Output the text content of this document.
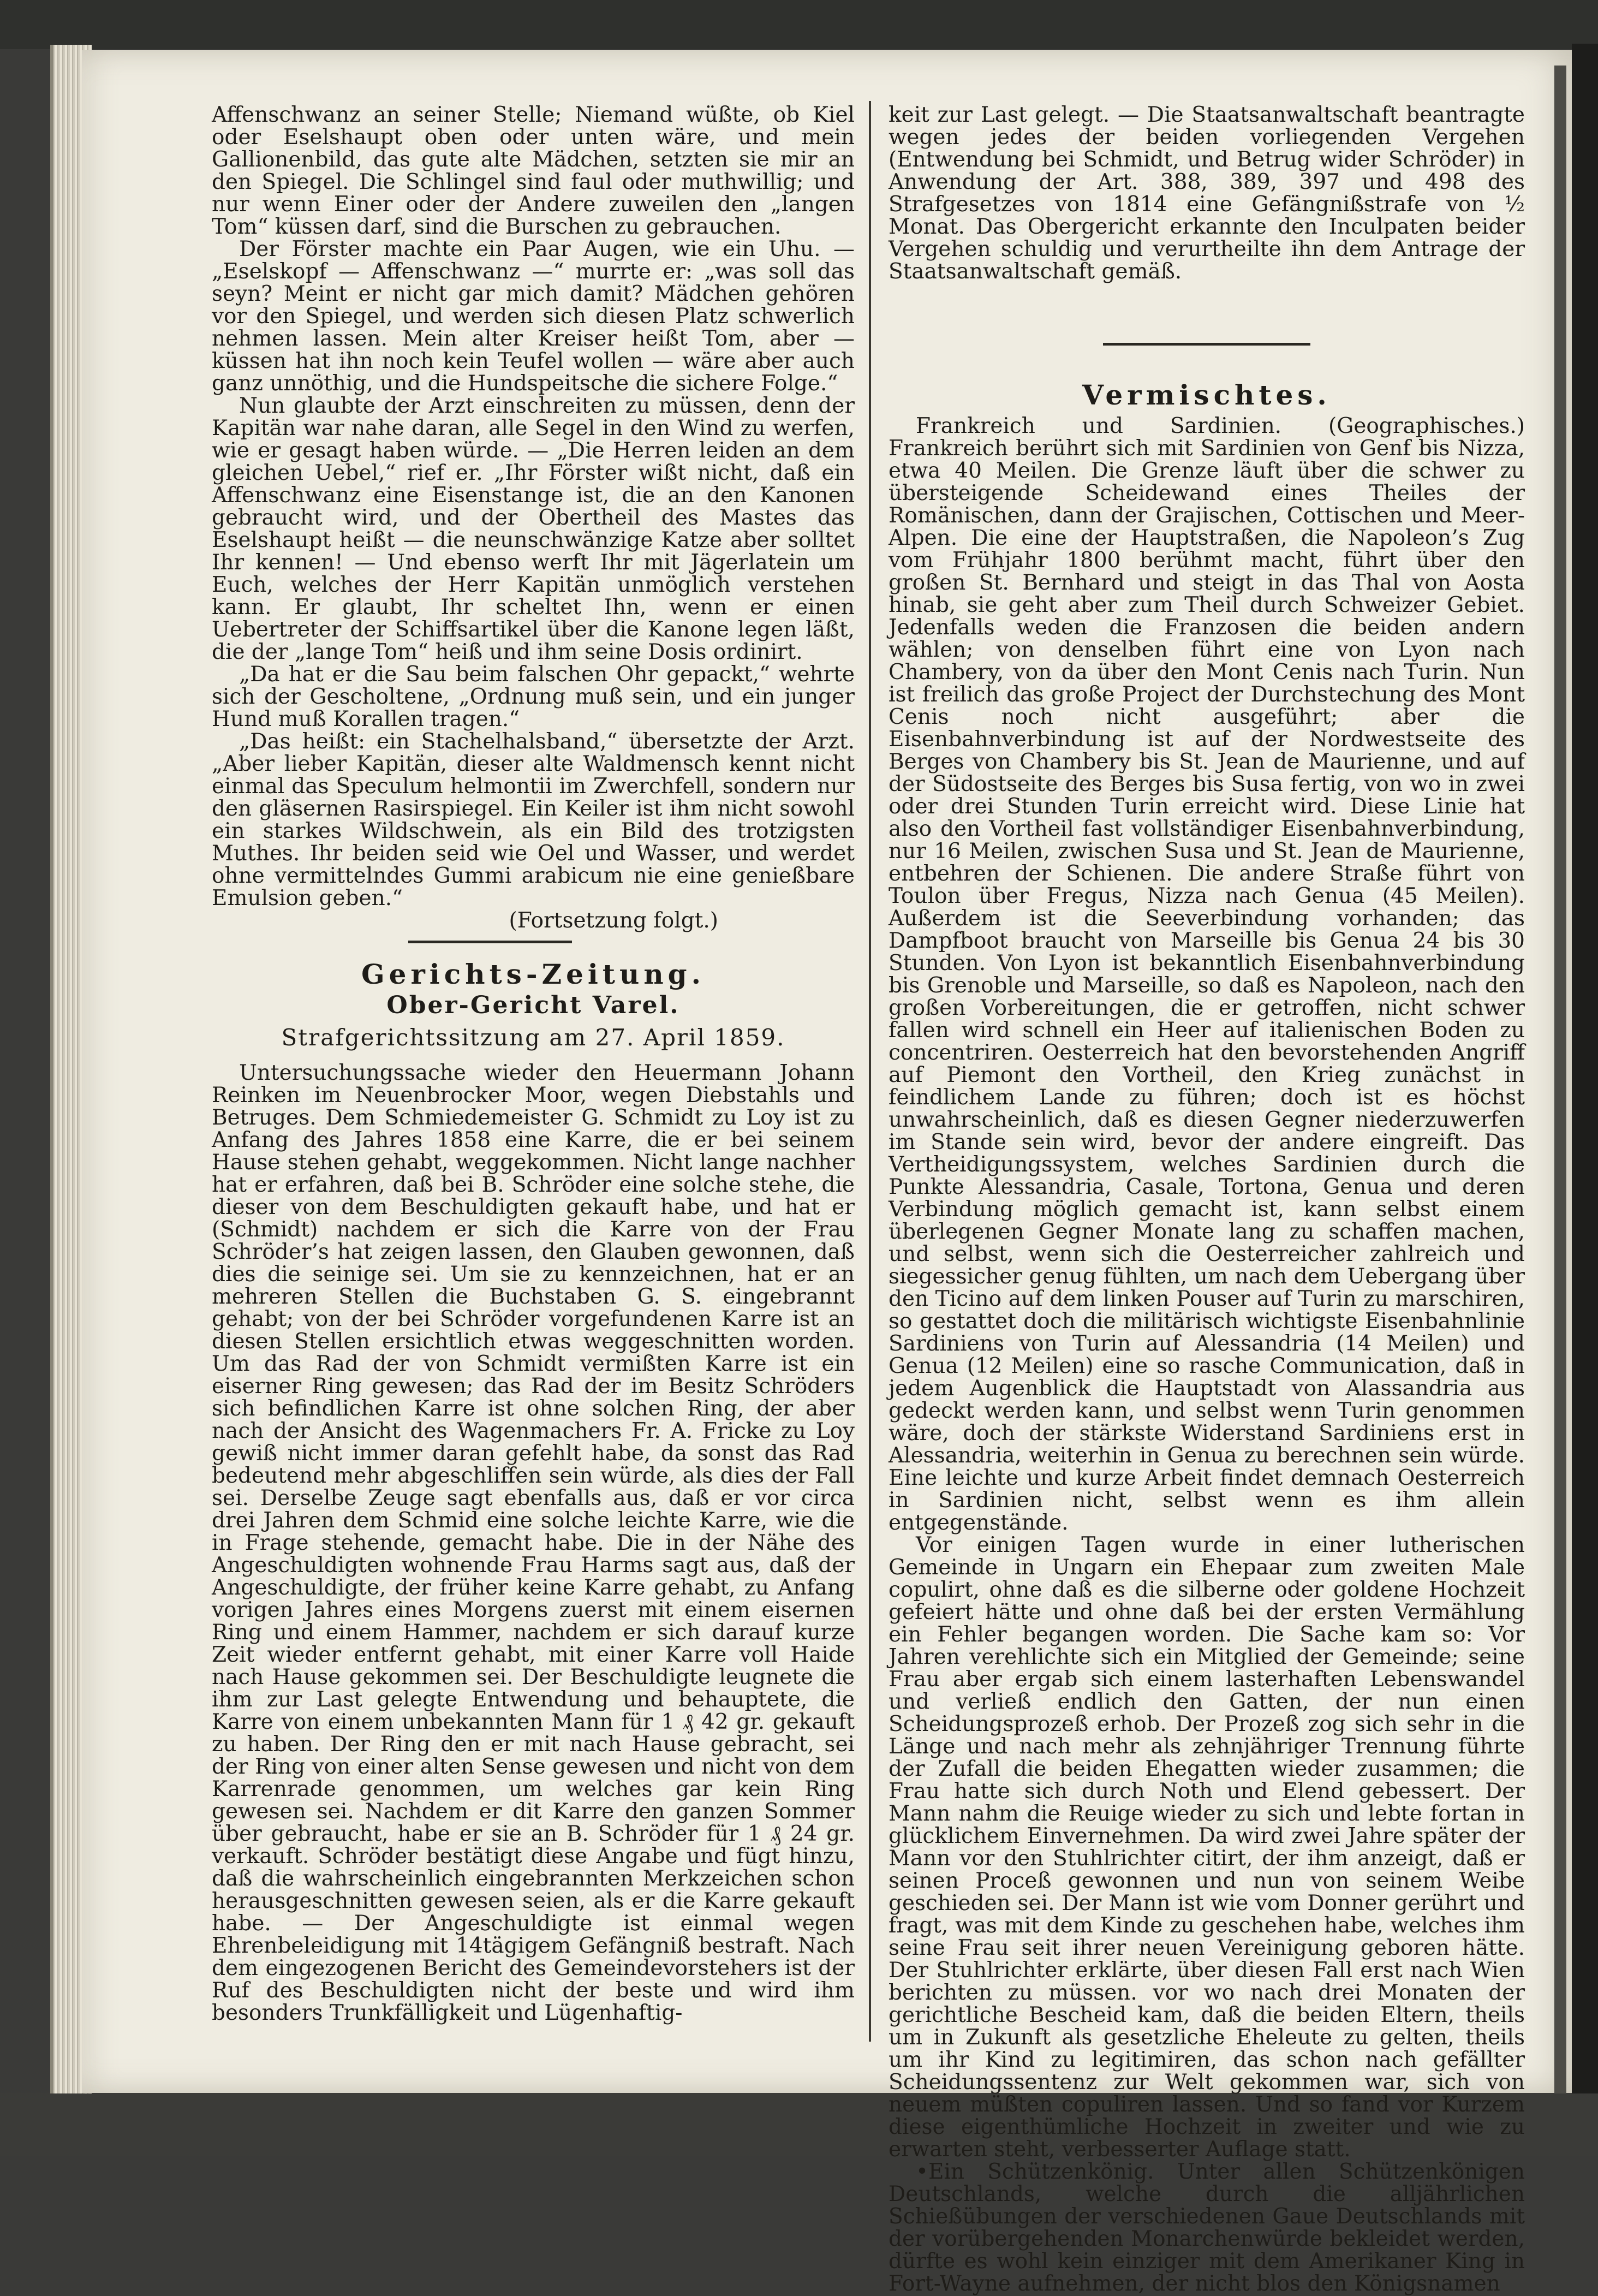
Affenschwanz an seiner Stelle; Niemand wüßte, ob Kiel oder Eselshaupt oben oder unten wäre, und mein Gallionenbild, das gute alte Mädchen, setzten sie mir an den Spiegel. Die Schlingel sind faul oder muthwillig; und nur wenn Einer oder der Andere zuweilen den „langen Tom“ küssen darf, sind die Burschen zu gebrauchen.

Der Förster machte ein Paar Augen, wie ein Uhu. — „Eselskopf — Affenschwanz —“ murrte er: „was soll das seyn? Meint er nicht gar mich damit? Mädchen gehören vor den Spiegel, und werden sich diesen Platz schwerlich nehmen lassen. Mein alter Kreiser heißt Tom, aber — küssen hat ihn noch kein Teufel wollen — wäre aber auch ganz unnöthig, und die Hundspeitsche die sichere Folge.“

Nun glaubte der Arzt einschreiten zu müssen, denn der Kapitän war nahe daran, alle Segel in den Wind zu werfen, wie er gesagt haben würde. — „Die Herren leiden an dem gleichen Uebel,“ rief er. „Ihr Förster wißt nicht, daß ein Affenschwanz eine Eisenstange ist, die an den Kanonen gebraucht wird, und der Obertheil des Mastes das Eselshaupt heißt — die neunschwänzige Katze aber solltet Ihr kennen! — Und ebenso werft Ihr mit Jägerlatein um Euch, welches der Herr Kapitän unmöglich verstehen kann. Er glaubt, Ihr scheltet Ihn, wenn er einen Uebertreter der Schiffsartikel über die Kanone legen läßt, die der „lange Tom“ heiß und ihm seine Dosis ordinirt.

„Da hat er die Sau beim falschen Ohr gepackt,“ wehrte sich der Gescholtene, „Ordnung muß sein, und ein junger Hund muß Korallen tragen.“

„Das heißt: ein Stachelhalsband,“ übersetzte der Arzt. „Aber lieber Kapitän, dieser alte Waldmensch kennt nicht einmal das Speculum helmontii im Zwerchfell, sondern nur den gläsernen Rasirspiegel. Ein Keiler ist ihm nicht sowohl ein starkes Wildschwein, als ein Bild des trotzigsten Muthes. Ihr beiden seid wie Oel und Wasser, und werdet ohne vermittelndes Gummi arabicum nie eine genießbare Emulsion geben.“

(Fortsetzung folgt.)

Gerichts-Zeitung.
Ober-Gericht Varel.
Strafgerichtssitzung am 27. April 1859.

Untersuchungssache wieder den Heuermann Johann Reinken im Neuenbrocker Moor, wegen Diebstahls und Betruges. Dem Schmiedemeister G. Schmidt zu Loy ist zu Anfang des Jahres 1858 eine Karre, die er bei seinem Hause stehen gehabt, weggekommen. Nicht lange nachher hat er erfahren, daß bei B. Schröder eine solche stehe, die dieser von dem Beschuldigten gekauft habe, und hat er (Schmidt) nachdem er sich die Karre von der Frau Schröder’s hat zeigen lassen, den Glauben gewonnen, daß dies die seinige sei. Um sie zu kennzeichnen, hat er an mehreren Stellen die Buchstaben G. S. eingebrannt gehabt; von der bei Schröder vorgefundenen Karre ist an diesen Stellen ersichtlich etwas weggeschnitten worden. Um das Rad der von Schmidt vermißten Karre ist ein eiserner Ring gewesen; das Rad der im Besitz Schröders sich befindlichen Karre ist ohne solchen Ring, der aber nach der Ansicht des Wagenmachers Fr. A. Fricke zu Loy gewiß nicht immer daran gefehlt habe, da sonst das Rad bedeutend mehr abgeschliffen sein würde, als dies der Fall sei. Derselbe Zeuge sagt ebenfalls aus, daß er vor circa drei Jahren dem Schmid eine solche leichte Karre, wie die in Frage stehende, gemacht habe. Die in der Nähe des Angeschuldigten wohnende Frau Harms sagt aus, daß der Angeschuldigte, der früher keine Karre gehabt, zu Anfang vorigen Jahres eines Morgens zuerst mit einem eisernen Ring und einem Hammer, nachdem er sich darauf kurze Zeit wieder entfernt gehabt, mit einer Karre voll Haide nach Hause gekommen sei. Der Beschuldigte leugnete die ihm zur Last gelegte Entwendung und behauptete, die Karre von einem unbekannten Mann für 1 ₰ 42 gr. gekauft zu haben. Der Ring den er mit nach Hause gebracht, sei der Ring von einer alten Sense gewesen und nicht von dem Karrenrade genommen, um welches gar kein Ring gewesen sei. Nachdem er dit Karre den ganzen Sommer über gebraucht, habe er sie an B. Schröder für 1 ₰ 24 gr. verkauft. Schröder bestätigt diese Angabe und fügt hinzu, daß die wahrscheinlich eingebrannten Merkzeichen schon herausgeschnitten gewesen seien, als er die Karre gekauft habe. — Der Angeschuldigte ist einmal wegen Ehrenbeleidigung mit 14tägigem Gefängniß bestraft. Nach dem eingezogenen Bericht des Gemeindevorstehers ist der Ruf des Beschuldigten nicht der beste und wird ihm besonders Trunkfälligkeit und Lügenhaftig-

keit zur Last gelegt. — Die Staatsanwaltschaft beantragte wegen jedes der beiden vorliegenden Vergehen (Entwendung bei Schmidt, und Betrug wider Schröder) in Anwendung der Art. 388, 389, 397 und 498 des Strafgesetzes von 1814 eine Gefängnißstrafe von ½ Monat. Das Obergericht erkannte den Inculpaten beider Vergehen schuldig und verurtheilte ihn dem Antrage der Staatsanwaltschaft gemäß.

Vermischtes.

Frankreich und Sardinien. (Geographisches.) Frankreich berührt sich mit Sardinien von Genf bis Nizza, etwa 40 Meilen. Die Grenze läuft über die schwer zu übersteigende Scheidewand eines Theiles der Romänischen, dann der Grajischen, Cottischen und Meer-Alpen. Die eine der Hauptstraßen, die Napoleon’s Zug vom Frühjahr 1800 berühmt macht, führt über den großen St. Bernhard und steigt in das Thal von Aosta hinab, sie geht aber zum Theil durch Schweizer Gebiet. Jedenfalls weden die Franzosen die beiden andern wählen; von denselben führt eine von Lyon nach Chambery, von da über den Mont Cenis nach Turin. Nun ist freilich das große Project der Durchstechung des Mont Cenis noch nicht ausgeführt; aber die Eisenbahnverbindung ist auf der Nordwestseite des Berges von Chambery bis St. Jean de Maurienne, und auf der Südostseite des Berges bis Susa fertig, von wo in zwei oder drei Stunden Turin erreicht wird. Diese Linie hat also den Vortheil fast vollständiger Eisenbahnverbindung, nur 16 Meilen, zwischen Susa und St. Jean de Maurienne, entbehren der Schienen. Die andere Straße führt von Toulon über Fregus, Nizza nach Genua (45 Meilen). Außerdem ist die Seeverbindung vorhanden; das Dampfboot braucht von Marseille bis Genua 24 bis 30 Stunden. Von Lyon ist bekanntlich Eisenbahnverbindung bis Grenoble und Marseille, so daß es Napoleon, nach den großen Vorbereitungen, die er getroffen, nicht schwer fallen wird schnell ein Heer auf italienischen Boden zu concentriren. Oesterreich hat den bevorstehenden Angriff auf Piemont den Vortheil, den Krieg zunächst in feindlichem Lande zu führen; doch ist es höchst unwahrscheinlich, daß es diesen Gegner niederzuwerfen im Stande sein wird, bevor der andere eingreift. Das Vertheidigungssystem, welches Sardinien durch die Punkte Alessandria, Casale, Tortona, Genua und deren Verbindung möglich gemacht ist, kann selbst einem überlegenen Gegner Monate lang zu schaffen machen, und selbst, wenn sich die Oesterreicher zahlreich und siegessicher genug fühlten, um nach dem Uebergang über den Ticino auf dem linken Pouser auf Turin zu marschiren, so gestattet doch die militärisch wichtigste Eisenbahnlinie Sardiniens von Turin auf Alessandria (14 Meilen) und Genua (12 Meilen) eine so rasche Communication, daß in jedem Augenblick die Hauptstadt von Alassandria aus gedeckt werden kann, und selbst wenn Turin genommen wäre, doch der stärkste Widerstand Sardiniens erst in Alessandria, weiterhin in Genua zu berechnen sein würde. Eine leichte und kurze Arbeit findet demnach Oesterreich in Sardinien nicht, selbst wenn es ihm allein entgegenstände.

Vor einigen Tagen wurde in einer lutherischen Gemeinde in Ungarn ein Ehepaar zum zweiten Male copulirt, ohne daß es die silberne oder goldene Hochzeit gefeiert hätte und ohne daß bei der ersten Vermählung ein Fehler begangen worden. Die Sache kam so: Vor Jahren verehlichte sich ein Mitglied der Gemeinde; seine Frau aber ergab sich einem lasterhaften Lebenswandel und verließ endlich den Gatten, der nun einen Scheidungsprozeß erhob. Der Prozeß zog sich sehr in die Länge und nach mehr als zehnjähriger Trennung führte der Zufall die beiden Ehegatten wieder zusammen; die Frau hatte sich durch Noth und Elend gebessert. Der Mann nahm die Reuige wieder zu sich und lebte fortan in glücklichem Einvernehmen. Da wird zwei Jahre später der Mann vor den Stuhlrichter citirt, der ihm anzeigt, daß er seinen Proceß gewonnen und nun von seinem Weibe geschieden sei. Der Mann ist wie vom Donner gerührt und fragt, was mit dem Kinde zu geschehen habe, welches ihm seine Frau seit ihrer neuen Vereinigung geboren hätte. Der Stuhlrichter erklärte, über diesen Fall erst nach Wien berichten zu müssen. vor wo nach drei Monaten der gerichtliche Bescheid kam, daß die beiden Eltern, theils um in Zukunft als gesetzliche Eheleute zu gelten, theils um ihr Kind zu legitimiren, das schon nach gefällter Scheidungssentenz zur Welt gekommen war, sich von neuem müßten copuliren lassen. Und so fand vor Kurzem diese eigenthümliche Hochzeit in zweiter und wie zu erwarten steht, verbesserter Auflage statt.

•Ein Schützenkönig. Unter allen Schützenkönigen Deutschlands, welche durch die alljährlichen Schießübungen der verschiedenen Gaue Deutschlands mit der vorübergehenden Monarchenwürde bekleidet werden, dürfte es wohl kein einziger mit dem Amerikaner King in Fort-Wayne aufnehmen, der nicht blos den Königsnamen
